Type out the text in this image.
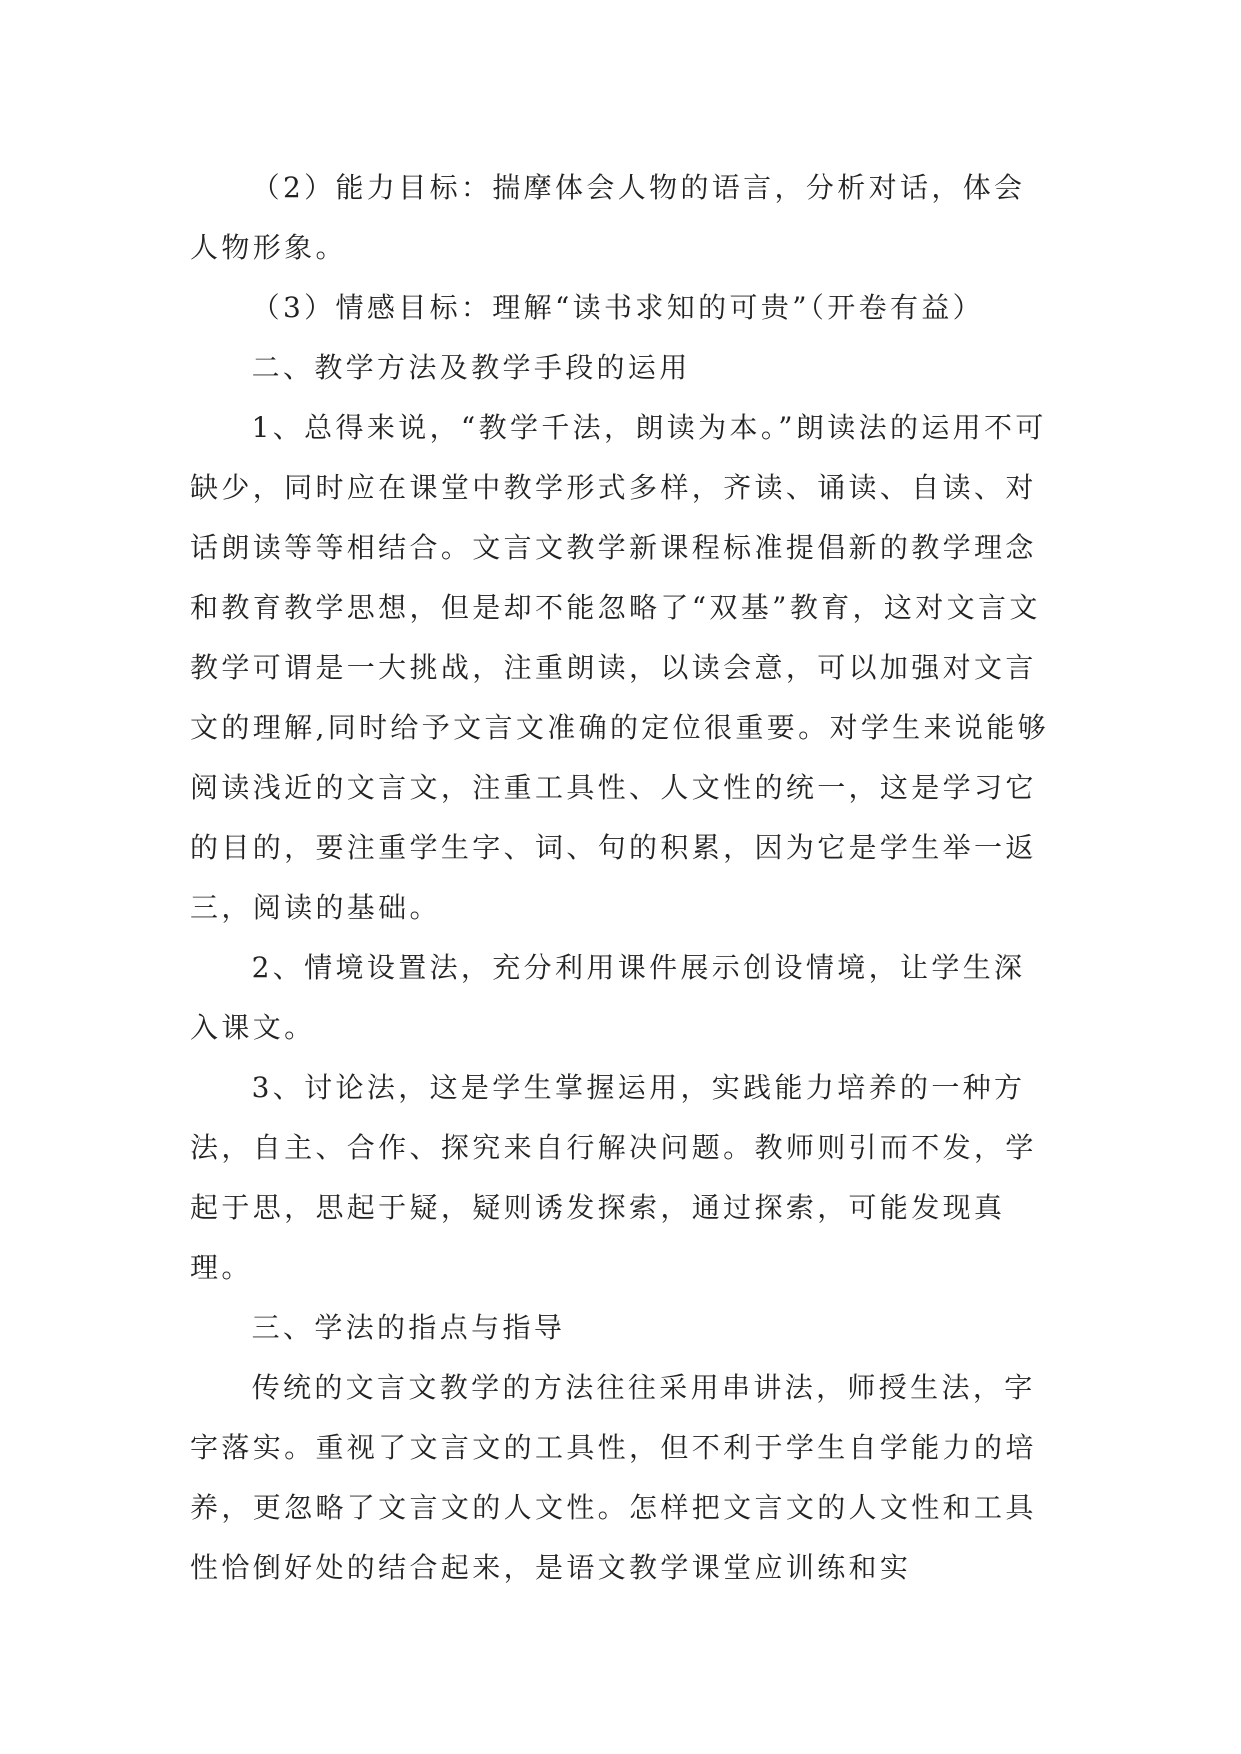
（2）能力目标：揣摩体会人物的语言，分析对话，体会人物形象。

（3）情感目标：理解“读书求知的可贵”（开卷有益）

二、教学方法及教学手段的运用

1、总得来说，“教学千法，朗读为本。”朗读法的运用不可缺少，同时应在课堂中教学形式多样，齐读、诵读、自读、对话朗读等等相结合。文言文教学新课程标准提倡新的教学理念和教育教学思想，但是却不能忽略了“双基”教育，这对文言文教学可谓是一大挑战，注重朗读，以读会意，可以加强对文言文的理解,同时给予文言文准确的定位很重要。对学生来说能够阅读浅近的文言文，注重工具性、人文性的统一，这是学习它的目的，要注重学生字、词、句的积累，因为它是学生举一返三，阅读的基础。

2、情境设置法，充分利用课件展示创设情境，让学生深入课文。

3、讨论法，这是学生掌握运用，实践能力培养的一种方法，自主、合作、探究来自行解决问题。教师则引而不发，学起于思，思起于疑，疑则诱发探索，通过探索，可能发现真理。

三、学法的指点与指导

传统的文言文教学的方法往往采用串讲法，师授生法，字字落实。重视了文言文的工具性，但不利于学生自学能力的培养，更忽略了文言文的人文性。怎样把文言文的人文性和工具性恰倒好处的结合起来，是语文教学课堂应训练和实
